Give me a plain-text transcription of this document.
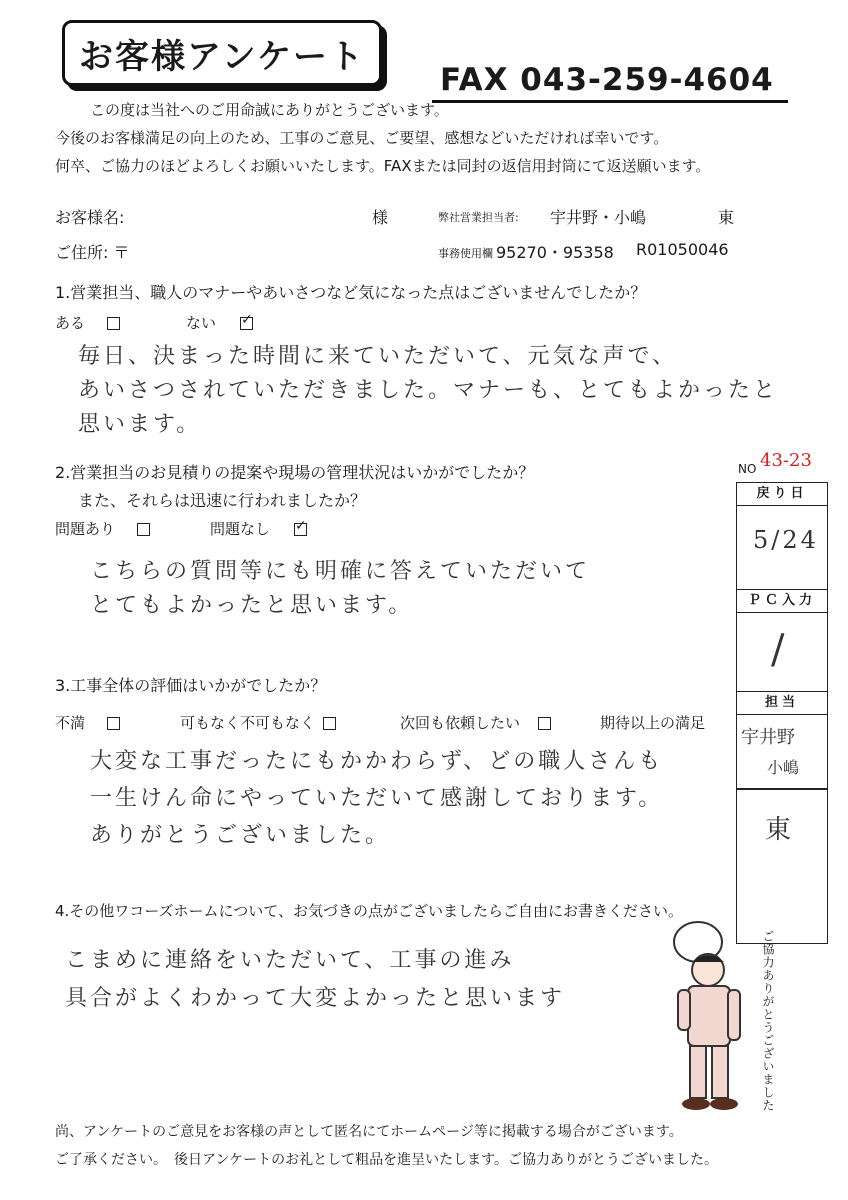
お客様アンケート
FAX 043-259-4604
この度は当社へのご用命誠にありがとうございます。
今後のお客様満足の向上のため、工事のご意見、ご要望、感想などいただければ幸いです。
何卒、ご協力のほどよろしくお願いいたします。FAXまたは同封の返信用封筒にて返送願います。
お客様名:	様	弊社営業担当者: 宇井野・小嶋	東
ご住所: 〒	事務使用欄 95270・95358 R01050046
1.営業担当、職人のマナーやあいさつなど気になった点はございませんでしたか？
ある	ない✓
毎日、決まった時間に来ていただいて、元気な声で、
あいさつされていただきました。マナーも、とてもよかったと
思います。
2.営業担当のお見積りの提案や現場の管理状況はいかがでしたか？
また、それらは迅速に行われましたか？
問題あり	問題なし✓
こちらの質問等にも明確に答えていただいて
とてもよかったと思います。
3.工事全体の評価はいかがでしたか？
不満	可もなく不可もなく	次回も依頼したい	期待以上の満足
大変な工事だったにもかかわらず、どの職人さんも
一生けん命にやっていただいて感謝しております。
ありがとうございました。
4.その他ワコーズホームについて、お気づきの点がございましたらご自由にお書きください。
こまめに連絡をいただいて、工事の進み
具合がよくわかって大変よかったと思います
NO 43-23
戻り日
5/24
ＰＣ入力
/
担当
宇井野
小嶋
東
ご協力ありがとうございました
尚、アンケートのご意見をお客様の声として匿名にてホームページ等に掲載する場合がございます。
ご了承ください。　後日アンケートのお礼として粗品を進呈いたします。ご協力ありがとうございました。
